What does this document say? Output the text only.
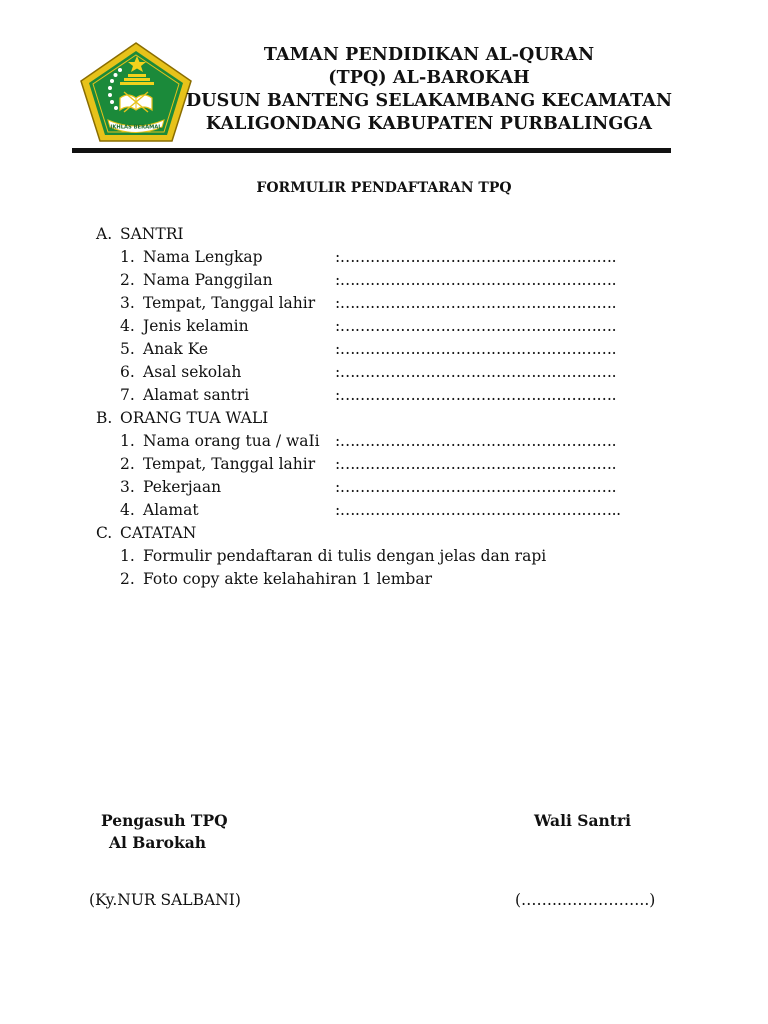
IKHLAS BERAMAL
TAMAN PENDIDIKAN AL-QURAN
(TPQ) AL-BAROKAH
DUSUN BANTENG SELAKAMBANG KECAMATAN
KALIGONDANG KABUPATEN PURBALINGGA
FORMULIR PENDAFTARAN TPQ
A. SANTRI
1. Nama Lengkap	:……………………………………………….
2. Nama Panggilan	:……………………………………………….
3. Tempat, Tanggal lahir :……………………………………………….
4. Jenis kelamin	:……………………………………………….
5. Anak Ke	:……………………………………………….
6. Asal sekolah	:……………………………………………….
7. Alamat santri	:……………………………………………….
B. ORANG TUA WALI
1. Nama orang tua / waIi :……………………………………………….
2. Tempat, Tanggal lahir :……………………………………………….
3. Pekerjaan	:……………………………………………….
4. Alamat	:………………………………………………..
C. CATATAN
1. Formulir pendaftaran di tulis dengan jelas dan rapi
2. Foto copy akte kelahahiran 1 lembar
Pengasuh TPQ
Al Barokah
(Ky.NUR SALBANI)
Wali Santri
(……..……………..)
